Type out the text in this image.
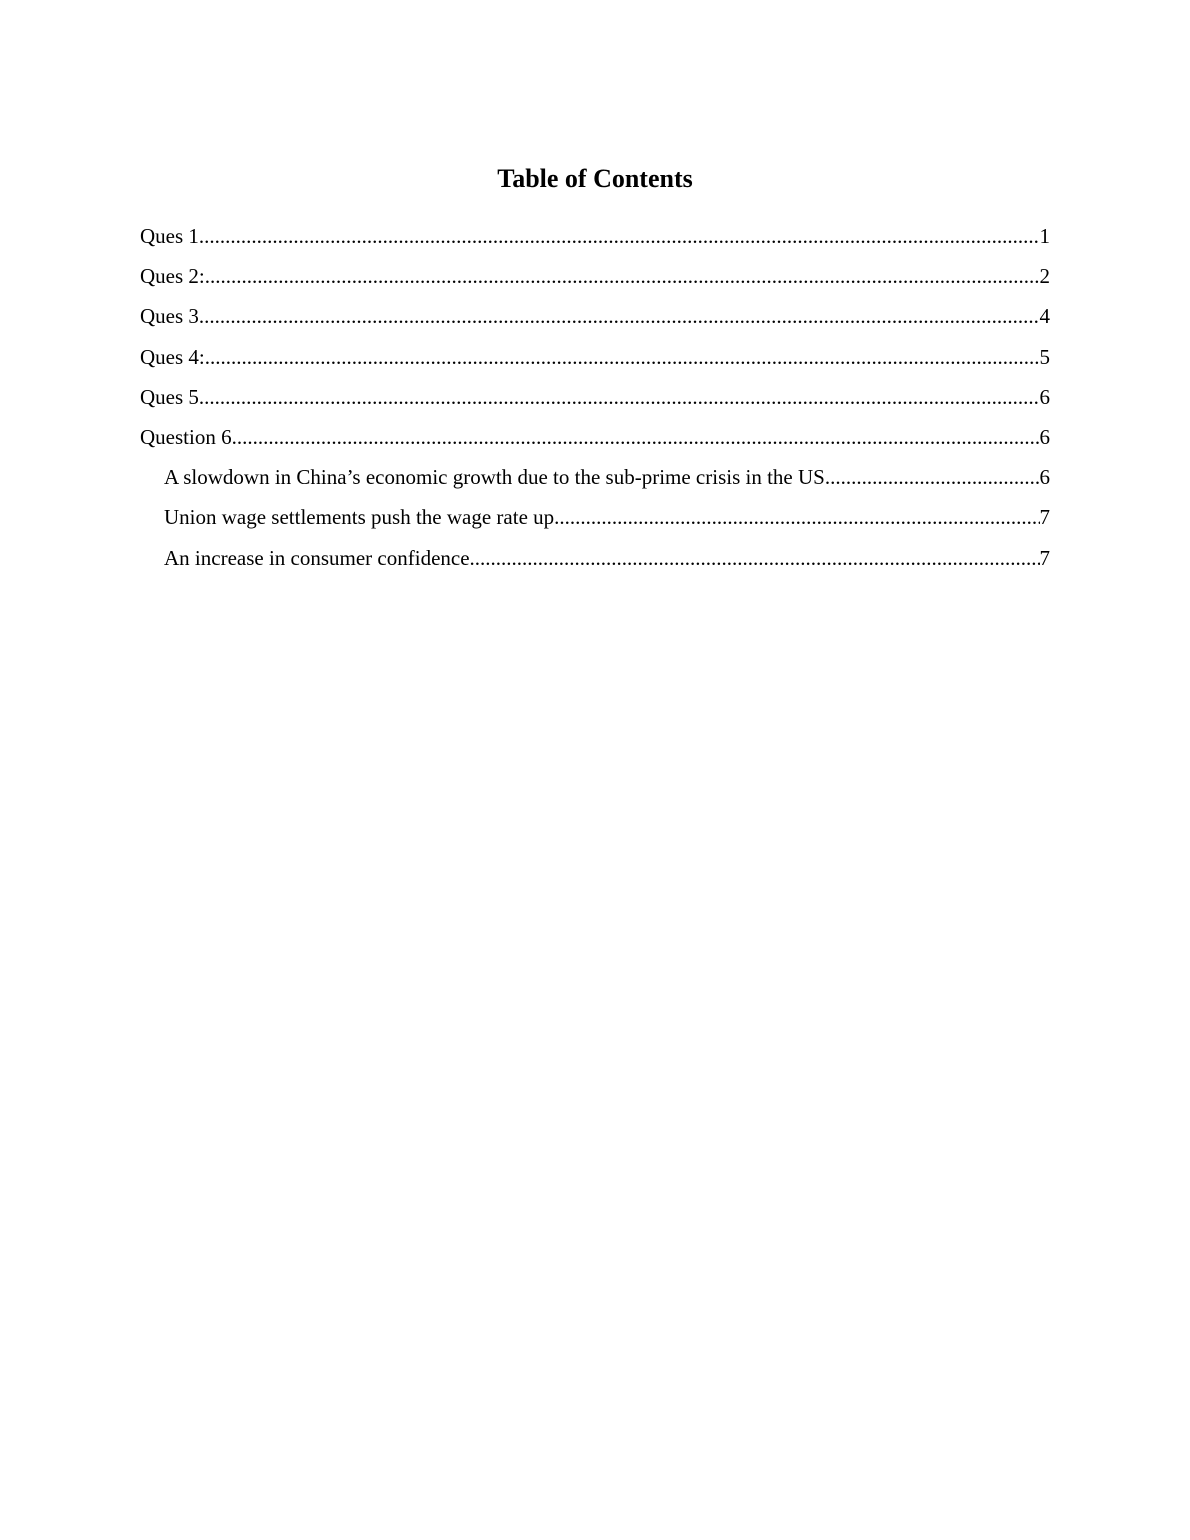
Table of Contents
Ques 1. .....	1
Ques 2: .....	2
Ques 3 .....	4
Ques 4: .....	5
Ques 5. .....	6
Question 6 .....	6
A slowdown in China’s economic growth due to the sub-prime crisis in the US .....	6
Union wage settlements push the wage rate up .....	7
An increase in consumer confidence .....	7
